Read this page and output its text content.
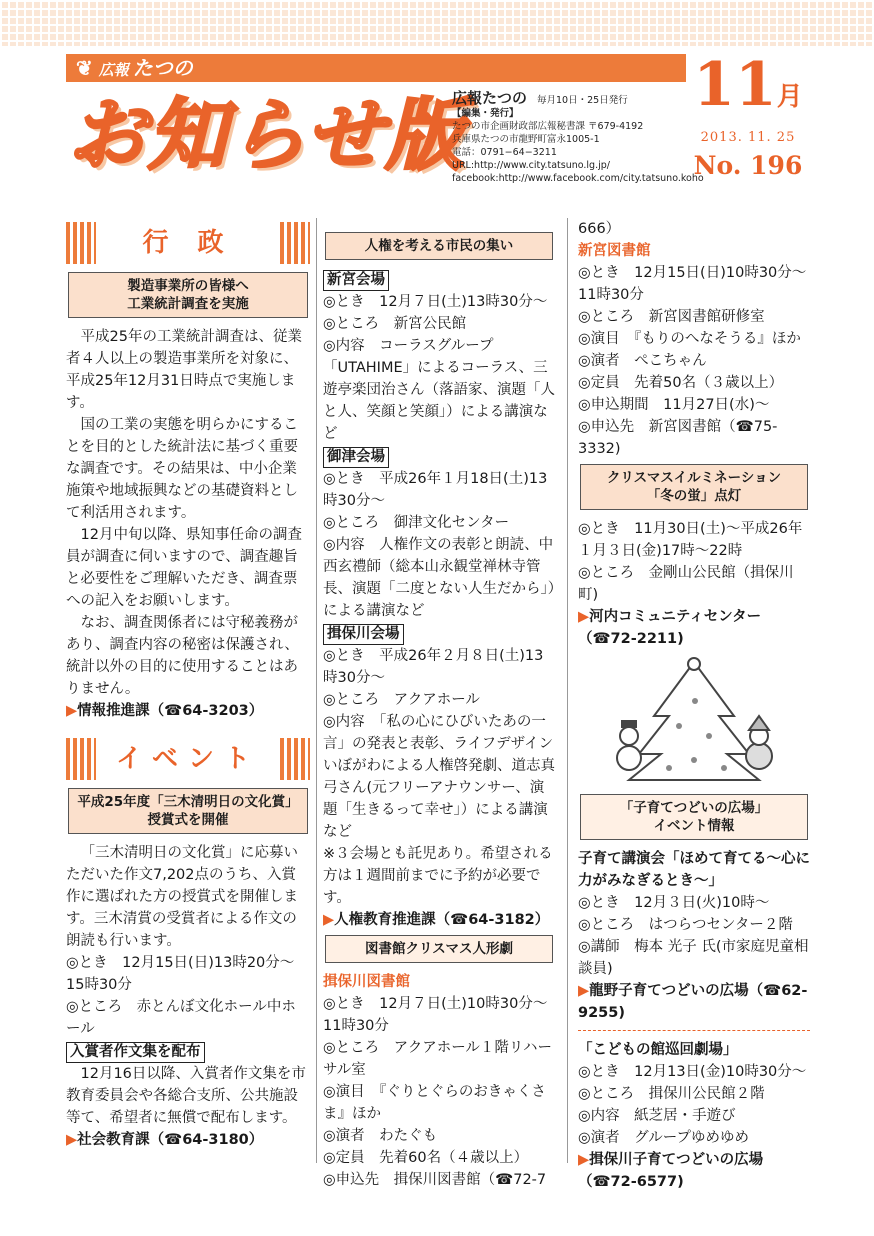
❦ 広報 たつの
お知らせ版
広報たつの 毎月10日・25日発行
【編集・発行】
たつの市企画財政部広報秘書課 〒679-4192
兵庫県たつの市龍野町富永1005-1
電話：0791−64−3211
URL:http://www.city.tatsuno.lg.jp/
facebook:http://www.facebook.com/city.tatsuno.koho
11月
2013. 11. 25
No. 196
行 政
製造事業所の皆様へ
工業統計調査を実施

平成25年の工業統計調査は、従業者４人以上の製造事業所を対象に、平成25年12月31日時点で実施します。

国の工業の実態を明らかにすることを目的とした統計法に基づく重要な調査です。その結果は、中小企業施策や地域振興などの基礎資料として利活用されます。

12月中旬以降、県知事任命の調査員が調査に伺いますので、調査趣旨と必要性をご理解いただき、調査票への記入をお願いします。

なお、調査関係者には守秘義務があり、調査内容の秘密は保護され、統計以外の目的に使用することはありません。

▶情報推進課（☎64-3203）

イベント
平成25年度「三木清明日の文化賞」
授賞式を開催

「三木清明日の文化賞」に応募いただいた作文7,202点のうち、入賞作に選ばれた方の授賞式を開催します。三木清賞の受賞者による作文の朗読も行います。

◎とき　12月15日(日)13時20分〜15時30分

◎ところ　赤とんぼ文化ホール中ホール

入賞者作文集を配布

12月16日以降、入賞者作文集を市教育委員会や各総合支所、公共施設等て、希望者に無償で配布します。

▶社会教育課（☎64-3180）

人権を考える市民の集い
新宮会場

◎とき　12月７日(土)13時30分〜

◎ところ　新宮公民館

◎内容　コーラスグループ「UTAHIME」によるコーラス、三遊亭楽団治さん（落語家、演題「人と人、笑顔と笑顔」）による講演など

御津会場

◎とき　平成26年１月18日(土)13時30分〜

◎ところ　御津文化センター

◎内容　人権作文の表彰と朗読、中西玄禮師（総本山永観堂禅林寺管長、演題「二度とない人生だから」）による講演など

揖保川会場

◎とき　平成26年２月８日(土)13時30分〜

◎ところ　アクアホール

◎内容　「私の心にひびいたあの一言」の発表と表彰、ライフデザインいぼがわによる人権啓発劇、道志真弓さん(元フリーアナウンサー、演題「生きるって幸せ」）による講演など

※３会場とも託児あり。希望される方は１週間前までに予約が必要です。

▶人権教育推進課（☎64-3182）

図書館クリスマス人形劇

揖保川図書館

◎とき　12月７日(土)10時30分〜11時30分

◎ところ　アクアホール１階リハーサル室

◎演目　『ぐりとぐらのおきゃくさま』ほか

◎演者　わたぐも

◎定員　先着60名（４歳以上）

◎申込先　揖保川図書館（☎72-7

666）

新宮図書館

◎とき　12月15日(日)10時30分〜11時30分

◎ところ　新宮図書館研修室

◎演目　『もりのへなそうる』ほか

◎演者　ぺこちゃん

◎定員　先着50名（３歳以上）

◎申込期間　11月27日(水)〜

◎申込先　新宮図書館（☎75-3332)

クリスマスイルミネーション
「冬の蛍」点灯

◎とき　11月30日(土)〜平成26年１月３日(金)17時〜22時

◎ところ　金剛山公民館（揖保川町)

▶河内コミュニティセンター（☎72-2211)

「子育てつどいの広場」
イベント情報

子育て講演会「ほめて育てる〜心に力がみなぎるとき〜」

◎とき　12月３日(火)10時〜

◎ところ　はつらつセンター２階

◎講師　梅本 光子 氏(市家庭児童相談員)

▶龍野子育てつどいの広場（☎62-9255)

「こどもの館巡回劇場」

◎とき　12月13日(金)10時30分〜

◎ところ　揖保川公民館２階

◎内容　紙芝居・手遊び

◎演者　グループゆめゆめ

▶揖保川子育てつどいの広場（☎72-6577)
